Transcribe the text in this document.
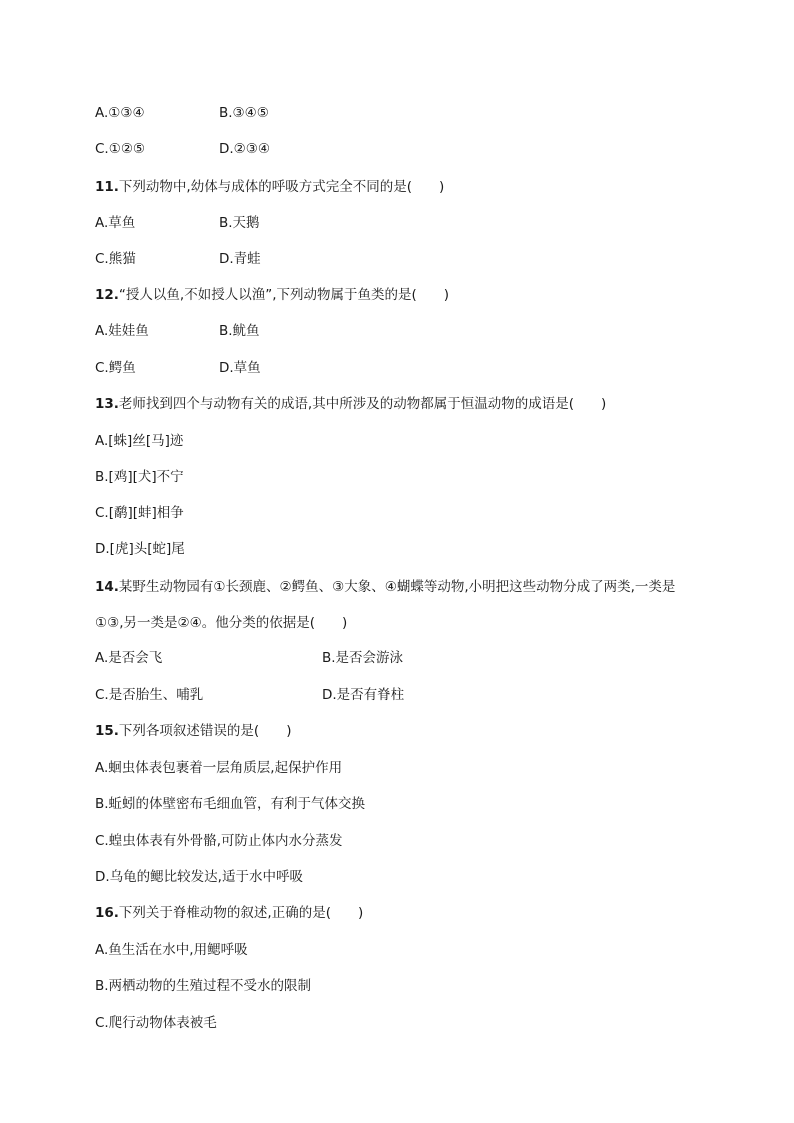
A.①③④	B.③④⑤
C.①②⑤	D.②③④
11.下列动物中,幼体与成体的呼吸方式完全不同的是(　　)
A.草鱼	B.天鹅
C.熊猫	D.青蛙
12.“授人以鱼,不如授人以渔”,下列动物属于鱼类的是(　　)
A.娃娃鱼	B.鱿鱼
C.鳄鱼	D.草鱼
13.老师找到四个与动物有关的成语,其中所涉及的动物都属于恒温动物的成语是(　　)
A.[蛛]丝[马]迹
B.[鸡][犬]不宁
C.[鹬][蚌]相争
D.[虎]头[蛇]尾
14.某野生动物园有①长颈鹿、②鳄鱼、③大象、④蝴蝶等动物,小明把这些动物分成了两类,一类是
①③,另一类是②④。他分类的依据是(　　)
A.是否会飞	B.是否会游泳
C.是否胎生、哺乳	D.是否有脊柱
15.下列各项叙述错误的是(　　)
A.蛔虫体表包裹着一层角质层,起保护作用
B.蚯蚓的体壁密布毛细血管，有利于气体交换
C.蝗虫体表有外骨骼,可防止体内水分蒸发
D.乌龟的鳃比较发达,适于水中呼吸
16.下列关于脊椎动物的叙述,正确的是(　　)
A.鱼生活在水中,用鳃呼吸
B.两栖动物的生殖过程不受水的限制
C.爬行动物体表被毛
